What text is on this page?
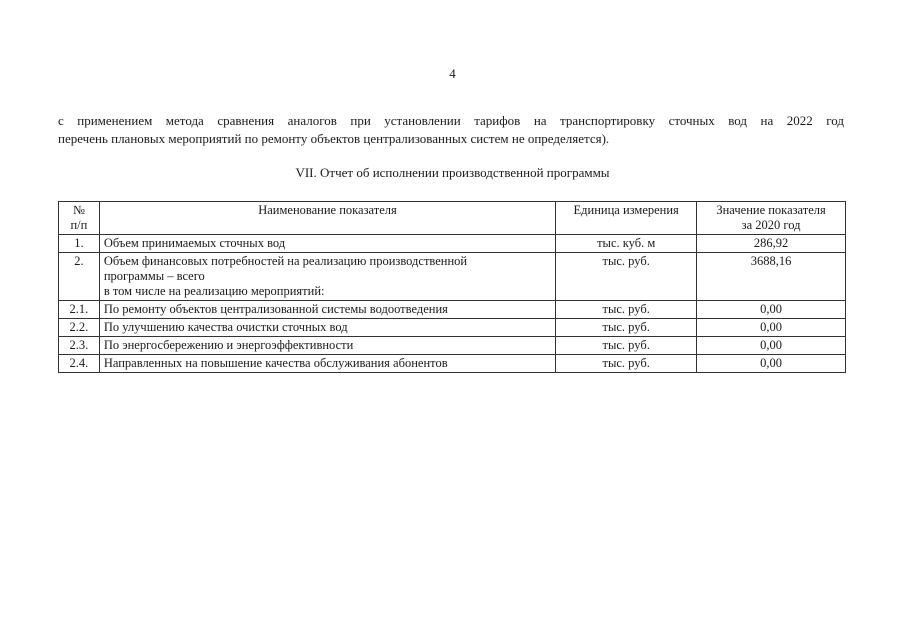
4
с применением метода сравнения аналогов при установлении тарифов на транспортировку сточных вод на 2022 год
перечень плановых мероприятий по ремонту объектов централизованных систем не определяется).
VII. Отчет об исполнении производственной программы
№
п/п	Наименование показателя	Единица измерения	Значение показателя
за 2020 год
1.	Объем принимаемых сточных вод	тыс. куб. м	286,92
2.	Объем финансовых потребностей на реализацию производственной
программы – всего
в том числе на реализацию мероприятий:	тыс. руб.	3688,16
2.1.	По ремонту объектов централизованной системы водоотведения	тыс. руб.	0,00
2.2.	По улучшению качества очистки сточных вод	тыс. руб.	0,00
2.3.	По энергосбережению и энергоэффективности	тыс. руб.	0,00
2.4.	Направленных на повышение качества обслуживания абонентов	тыс. руб.	0,00
